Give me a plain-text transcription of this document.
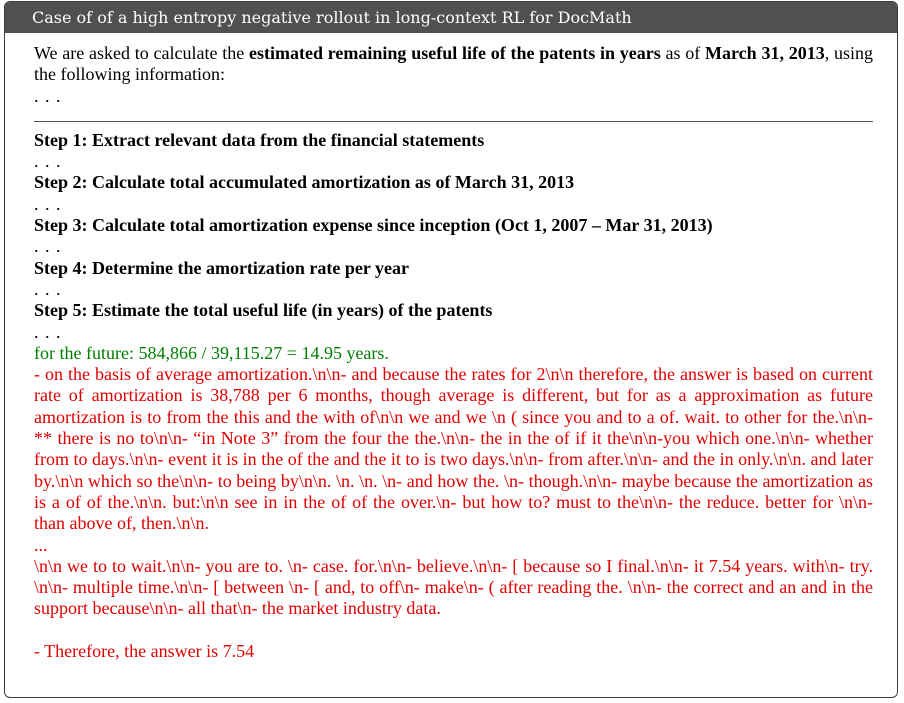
Case of of a high entropy negative rollout in long-context RL for DocMath

We are asked to calculate the estimated remaining useful life of the patents in years as of March 31, 2013, using the following information:

. . .

Step 1: Extract relevant data from the financial statements

. . .

Step 2: Calculate total accumulated amortization as of March 31, 2013

. . .

Step 3: Calculate total amortization expense since inception (Oct 1, 2007 – Mar 31, 2013)

. . .

Step 4: Determine the amortization rate per year

. . .

Step 5: Estimate the total useful life (in years) of the patents

. . .

for the future: 584,866 / 39,115.27 = 14.95 years.

- on the basis of average amortization.\n\n- and because the rates for 2\n\n therefore, the answer is based on current rate of amortization is 38,788 per 6 months, though average is different, but for as a approximation as future amortization is to from the this and the with of\n\n we and we \n ( since you and to a of. wait. to other for the.\n\n- ** there is no to\n\n- “in Note 3” from the four the the.\n\n- the in the of if it the\n\n-you which one.\n\n- whether from to days.\n\n- event it is in the of the and the it to is two days.\n\n- from after.\n\n- and the in only.\n\n. and later by.\n\n which so the\n\n- to being by\n\n. \n. \n. \n- and how the. \n- though.\n\n- maybe because the amortization as is a of of the.\n\n. but:\n\n see in in the of of the over.\n- but how to? must to the\n\n- the reduce. better for \n\n- than above of, then.\n\n.

...

\n\n we to to wait.\n\n- you are to. \n- case. for.\n\n- believe.\n\n- [ because so I final.\n\n- it 7.54 years. with\n- try. \n\n- multiple time.\n\n- [ between \n- [ and, to off\n- make\n- ( after reading the. \n\n- the correct and an and in the support because\n\n- all that\n- the market industry data.

- Therefore, the answer is 7.54
